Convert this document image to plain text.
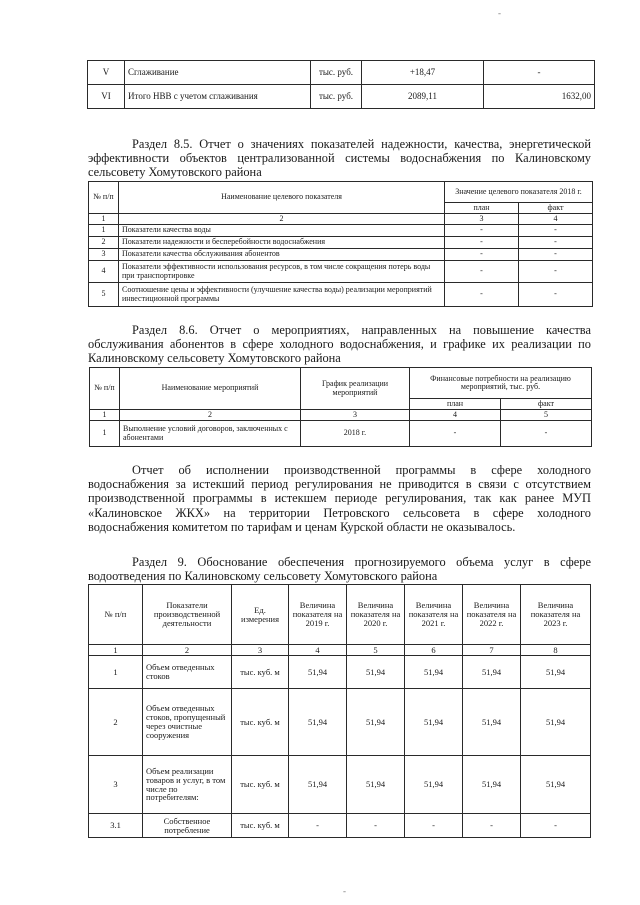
-
V	Сглаживание	тыс. руб.	+18,47	-
VI	Итого НВВ с учетом сглаживания	тыс. руб.	2089,11	1632,00

Раздел 8.5. Отчет о значениях показателей надежности, качества, энергетической эффективности объектов централизованной системы водоснабжения по Калиновскому сельсовету Хомутовского района

№ п/п	Наименование целевого показателя	Значение целевого показателя 2018 г.	
		план	факт
1	2	3	4
1	Показатели качества воды	-	-
2	Показатели надежности и бесперебойности водоснабжения	-	-
3	Показатели качества обслуживания абонентов	-	-
4	Показатели эффективности использования ресурсов, в том числе сокращения потерь воды при транспортировке	-	-
5	Соотношение цены и эффективности (улучшение качества воды) реализации мероприятий инвестиционной программы	-	-

Раздел 8.6. Отчет о мероприятиях, направленных на повышение качества обслуживания абонентов в сфере холодного водоснабжения, и графике их реализации по Калиновскому сельсовету Хомутовского района

№ п/п	Наименование мероприятий	График реализации мероприятий	Финансовые потребности на реализацию мероприятий, тыс. руб.	
			план	факт
1	2	3	4	5
1	Выполнение условий договоров, заключенных с абонентами	2018 г.	-	-

Отчет об исполнении производственной программы в сфере холодного водоснабжения за истекший период регулирования не приводится в связи с отсутствием производственной программы в истекшем периоде регулирования, так как ранее МУП «Калиновское ЖКХ» на территории Петровского сельсовета в сфере холодного водоснабжения комитетом по тарифам и ценам Курской области не оказывалось.

Раздел 9. Обоснование обеспечения прогнозируемого объема услуг в сфере водоотведения по Калиновскому сельсовету Хомутовского района

№ п/п	Показатели производственной деятельности	Ед. измерения	Величина показателя на 2019 г.	Величина показателя на 2020 г.	Величина показателя на 2021 г.	Величина показателя на 2022 г.	Величина показателя на 2023 г.
1	2	3	4	5	6	7	8
1	Объем отведенных стоков	тыс. куб. м	51,94	51,94	51,94	51,94	51,94
2	Объем отведенных стоков, пропущенный через очистные сооружения	тыс. куб. м	51,94	51,94	51,94	51,94	51,94
3	Объем реализации товаров и услуг, в том числе по потребителям:	тыс. куб. м	51,94	51,94	51,94	51,94	51,94
3.1	Собственное потребление	тыс. куб. м	-	-	-	-	-
-
